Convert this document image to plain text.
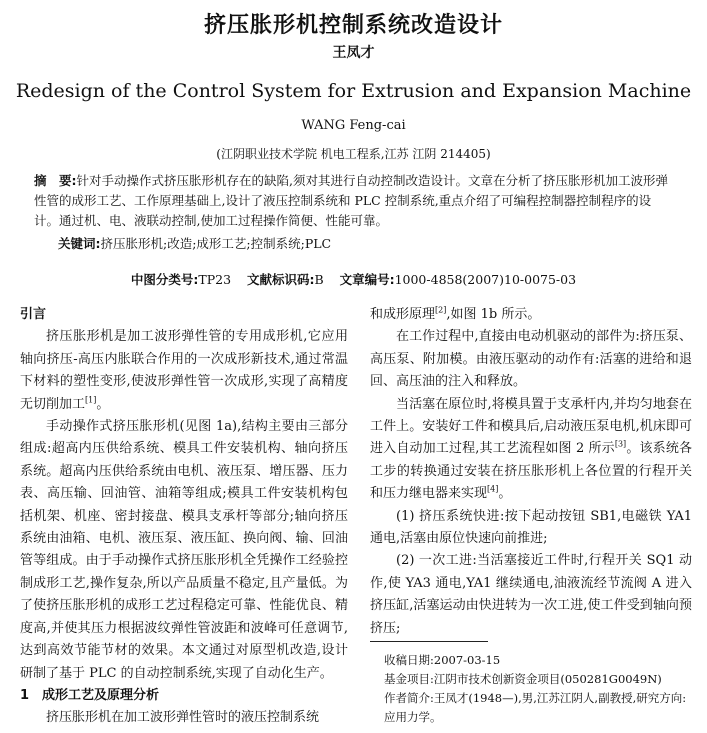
挤压胀形机控制系统改造设计
王凤才
Redesign of the Control System for Extrusion and Expansion Machine
WANG Feng-cai
(江阴职业技术学院 机电工程系,江苏 江阴 214405)
摘　要:针对手动操作式挤压胀形机存在的缺陷,须对其进行自动控制改造设计。文章在分析了挤压胀形机加工波形弹性管的成形工艺、工作原理基础上,设计了液压控制系统和 PLC 控制系统,重点介绍了可编程控制器控制程序的设计。通过机、电、液联动控制,使加工过程操作简便、性能可靠。
关键词:挤压胀形机;改造;成形工艺;控制系统;PLC
中图分类号:TP23 文献标识码:B 文章编号:1000-4858(2007)10-0075-03

引言

挤压胀形机是加工波形弹性管的专用成形机,它应用轴向挤压-高压内胀联合作用的一次成形新技术,通过常温下材料的塑性变形,使波形弹性管一次成形,实现了高精度无切削加工[1]。

手动操作式挤压胀形机(见图 1a),结构主要由三部分组成:超高内压供给系统、模具工件安装机构、轴向挤压系统。超高内压供给系统由电机、液压泵、增压器、压力表、高压输、回油管、油箱等组成;模具工件安装机构包括机架、机座、密封接盘、模具支承杆等部分;轴向挤压系统由油箱、电机、液压泵、液压缸、换向阀、输、回油管等组成。由于手动操作式挤压胀形机全凭操作工经验控制成形工艺,操作复杂,所以产品质量不稳定,且产量低。为了使挤压胀形机的成形工艺过程稳定可靠、性能优良、精度高,并使其压力根据波纹弹性管波距和波峰可任意调节,达到高效节能节材的效果。本文通过对原型机改造,设计研制了基于 PLC 的自动控制系统,实现了自动化生产。

1　成形工艺及原理分析

挤压胀形机在加工波形弹性管时的液压控制系统

和成形原理[2],如图 1b 所示。

在工作过程中,直接由电动机驱动的部件为:挤压泵、高压泵、附加模。由液压驱动的动作有:活塞的进给和退回、高压油的注入和释放。

当活塞在原位时,将模具置于支承杆内,并均匀地套在工件上。安装好工件和模具后,启动液压泵电机,机床即可进入自动加工过程,其工艺流程如图 2 所示[3]。该系统各工步的转换通过安装在挤压胀形机上各位置的行程开关和压力继电器来实现[4]。

(1) 挤压系统快进:按下起动按钮 SB1,电磁铁 YA1 通电,活塞由原位快速向前推进;

(2) 一次工进:当活塞接近工件时,行程开关 SQ1 动作,使 YA3 通电,YA1 继续通电,油液流经节流阀 A 进入挤压缸,活塞运动由快进转为一次工进,使工件受到轴向预挤压;

收稿日期:2007-03-15
基金项目:江阴市技术创新资金项目(050281G0049N)
作者简介:王凤才(1948—),男,江苏江阴人,副教授,研究方向:应用力学。
